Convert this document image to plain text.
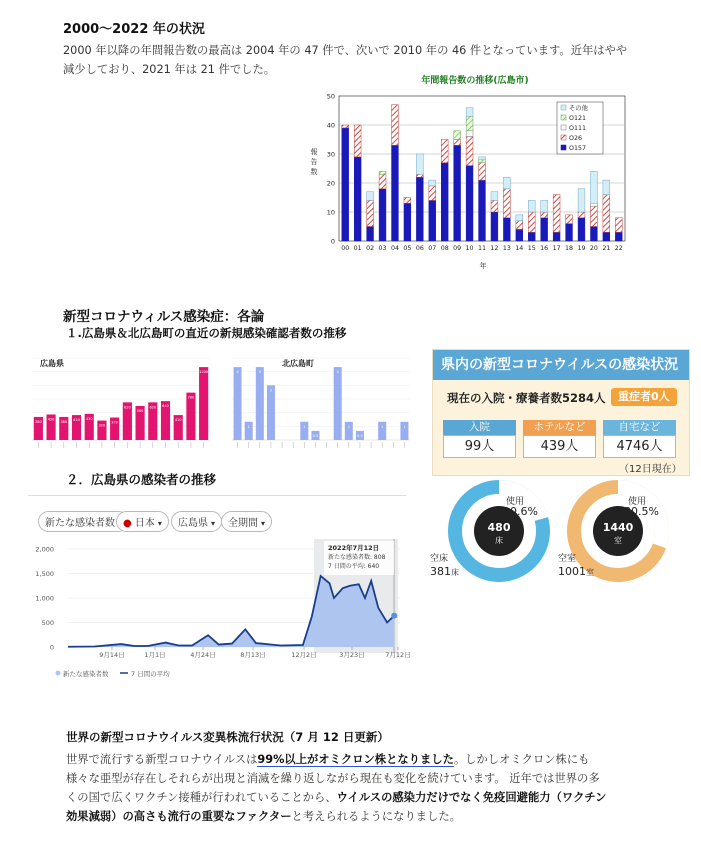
2000～2022 年の状況
2000 年以降の年間報告数の最高は 2004 年の 47 件で、次いで 2010 年の 46 件となっています。近年はやや減少しており、2021 年は 21 件でした。
年間報告数の推移(広島市)
報
告
数
0
10
20
30
40
50
00 01 02 03 04 05 06 07 08 09 10 11 12 13 14 15 16 17 18 19 20 21 22
その他
O121
O111
O26
O157
年
新型コロナウィルス感染症：各論
１.広島県＆北広島町の直近の新規感染確認者数の推移
広島県
380
420
380 410 430
320
370
620
560
620 640
410
780
1200
北広島町
4
1
4
3
1
0.5
4
1
0.5
1	1
２．広島県の感染者の推移
新たな感染者数 ● 日本 ▾	広島県 ▾	全期間 ▾
0
500
1,000
1,500
2,000	2022年7月12日
新たな感染者数: 808
7 日間の平均: 640
9月14日	1月1日	4月24日	8月13日	12月2日	3月23日	7月12日
新たな感染者数	7 日間の平均
県内の新型コロナウイルスの感染状況
現在の入院・療養者数5284人	重症者0人
入院	ホテルなど	自宅など
99人	439人	4746人
（12日現在）
480
床
使用
20.6%
空床
381床
1440
室
使用
30.5%
空室
1001室
世界の新型コロナウイルス変異株流行状況（7 月 12 日更新）
世界で流行する新型コロナウイルスは99%以上がオミクロン株となりました。しかしオミクロン株にも
様々な亜型が存在しそれらが出現と消滅を繰り返しながら現在も変化を続けています。 近年では世界の多
くの国で広くワクチン接種が行われていることから、ウイルスの感染力だけでなく免疫回避能力（ワクチン
効果減弱）の高さも流行の重要なファクターと考えられるようになりました。
